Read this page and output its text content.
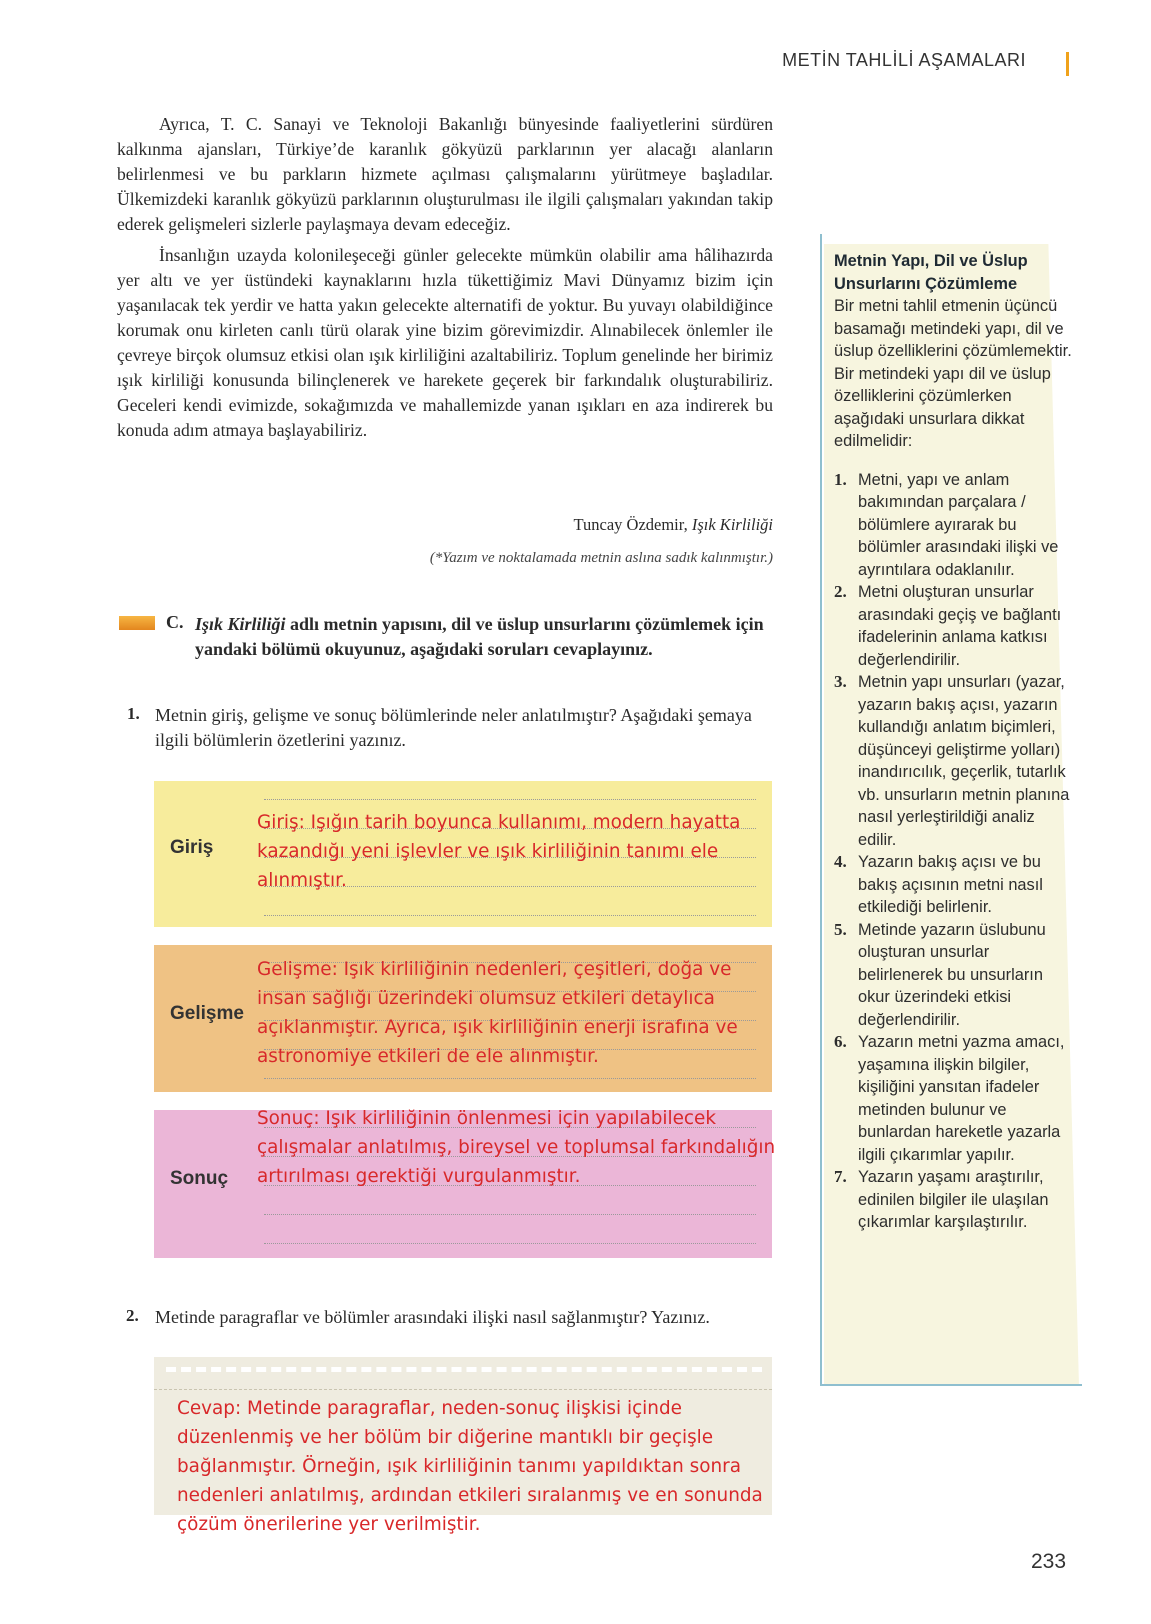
METİN TAHLİLİ AŞAMALARI

Ayrıca, T. C. Sanayi ve Teknoloji Bakanlığı bünyesinde faaliyetlerini sürdüren kalkınma ajansları, Türkiye’de karanlık gökyüzü parklarının yer alacağı alanların belirlenmesi ve bu parkların hizmete açılması çalışmalarını yürütmeye başladılar. Ülkemizdeki karanlık gökyüzü parklarının oluşturulması ile ilgili çalışmaları yakından takip ederek gelişmeleri sizlerle paylaşmaya devam edeceğiz.

İnsanlığın uzayda kolonileşeceği günler gelecekte mümkün olabilir ama hâlihazırda yer altı ve yer üstündeki kaynaklarını hızla tükettiğimiz Mavi Dünyamız bizim için yaşanılacak tek yerdir ve hatta yakın gelecekte alternatifi de yoktur. Bu yuvayı olabildiğince korumak onu kirleten canlı türü olarak yine bizim görevimizdir. Alınabilecek önlemler ile çevreye birçok olumsuz etkisi olan ışık kirliliğini azaltabiliriz. Toplum genelinde her birimiz ışık kirliliği konusunda bilinçlenerek ve harekete geçerek bir farkındalık oluşturabiliriz. Geceleri kendi evimizde, sokağımızda ve mahallemizde yanan ışıkları en aza indirerek bu konuda adım atmaya başlayabiliriz.

Tuncay Özdemir, Işık Kirliliği
(*Yazım ve noktalamada metnin aslına sadık kalınmıştır.)
C. Işık Kirliliği adlı metnin yapısını, dil ve üslup unsurlarını çözümlemek için yandaki bölümü okuyunuz, aşağıdaki soruları cevaplayınız.
1. Metnin giriş, gelişme ve sonuç bölümlerinde neler anlatılmıştır? Aşağıdaki şemaya ilgili bölümlerin özetlerini yazınız.
Giriş
Giriş: Işığın tarih boyunca kullanımı, modern hayatta kazandığı yeni işlevler ve ışık kirliliğinin tanımı ele alınmıştır.
Gelişme
Gelişme: Işık kirliliğinin nedenleri, çeşitleri, doğa ve insan sağlığı üzerindeki olumsuz etkileri detaylıca açıklanmıştır. Ayrıca, ışık kirliliğinin enerji israfına ve astronomiye etkileri de ele alınmıştır.
Sonuç
Sonuç: Işık kirliliğinin önlenmesi için yapılabilecek çalışmalar anlatılmış, bireysel ve toplumsal farkındalığın artırılması gerektiği vurgulanmıştır.
2. Metinde paragraflar ve bölümler arasındaki ilişki nasıl sağlanmıştır? Yazınız.
Cevap: Metinde paragraflar, neden-sonuç ilişkisi içinde düzenlenmiş ve her bölüm bir diğerine mantıklı bir geçişle bağlanmıştır. Örneğin, ışık kirliliğinin tanımı yapıldıktan sonra nedenleri anlatılmış, ardından etkileri sıralanmış ve en sonunda çözüm önerilerine yer verilmiştir.
Metnin Yapı, Dil ve Üslup Unsurlarını Çözümleme
Bir metni tahlil etmenin üçüncü basamağı metindeki yapı, dil ve üslup özelliklerini çözümlemektir. Bir metindeki yapı dil ve üslup özelliklerini çözümlerken aşağıdaki unsurlara dikkat edilmelidir:
1. Metni, yapı ve anlam bakımından parçalara / bölümlere ayırarak bu bölümler arasındaki ilişki ve ayrıntılara odaklanılır.
2. Metni oluşturan unsurlar arasındaki geçiş ve bağlantı ifadelerinin anlama katkısı değerlendirilir.
3. Metnin yapı unsurları (yazar, yazarın bakış açısı, yazarın kullandığı anlatım biçimleri, düşünceyi geliştirme yolları) inandırıcılık, geçerlik, tutarlık vb. unsurların metnin planına nasıl yerleştirildiği analiz edilir.
4. Yazarın bakış açısı ve bu bakış açısının metni nasıl etkilediği belirlenir.
5. Metinde yazarın üslubunu oluşturan unsurlar belirlenerek bu unsurların okur üzerindeki etkisi değerlendirilir.
6. Yazarın metni yazma amacı, yaşamına ilişkin bilgiler, kişiliğini yansıtan ifadeler metinden bulunur ve bunlardan hareketle yazarla ilgili çıkarımlar yapılır.
7. Yazarın yaşamı araştırılır, edinilen bilgiler ile ulaşılan çıkarımlar karşılaştırılır.
233
